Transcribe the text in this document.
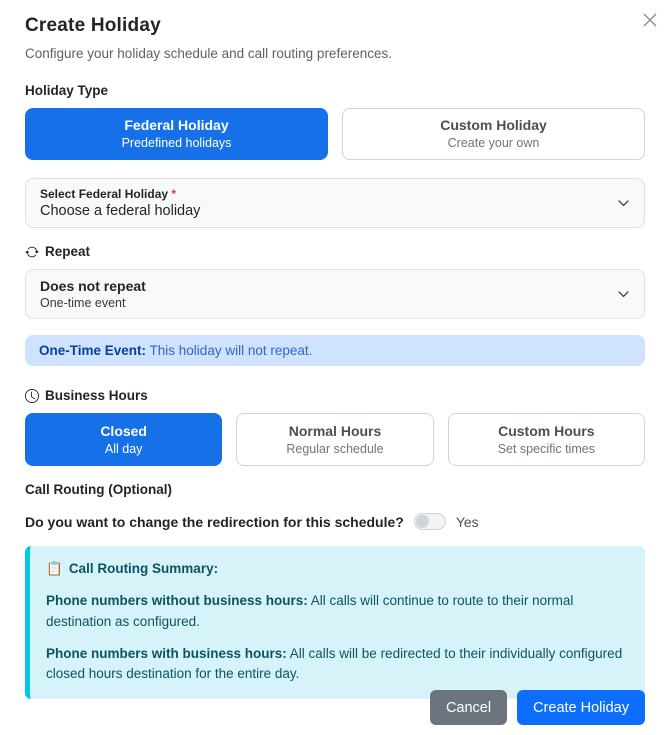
Create Holiday
Configure your holiday schedule and call routing preferences.
Holiday Type
Federal Holiday
Predefined holidays
Custom Holiday
Create your own
Select Federal Holiday *
Choose a federal holiday
Repeat
Does not repeat
One-time event
One-Time Event: This holiday will not repeat.
Business Hours
Closed
All day
Normal Hours
Regular schedule
Custom Hours
Set specific times
Call Routing (Optional)
Do you want to change the redirection for this schedule?	Yes
📋 Call Routing Summary:

Phone numbers without business hours: All calls will continue to route to their normal destination as configured.

Phone numbers with business hours: All calls will be redirected to their individually configured closed hours destination for the entire day.

Cancel	Create Holiday
